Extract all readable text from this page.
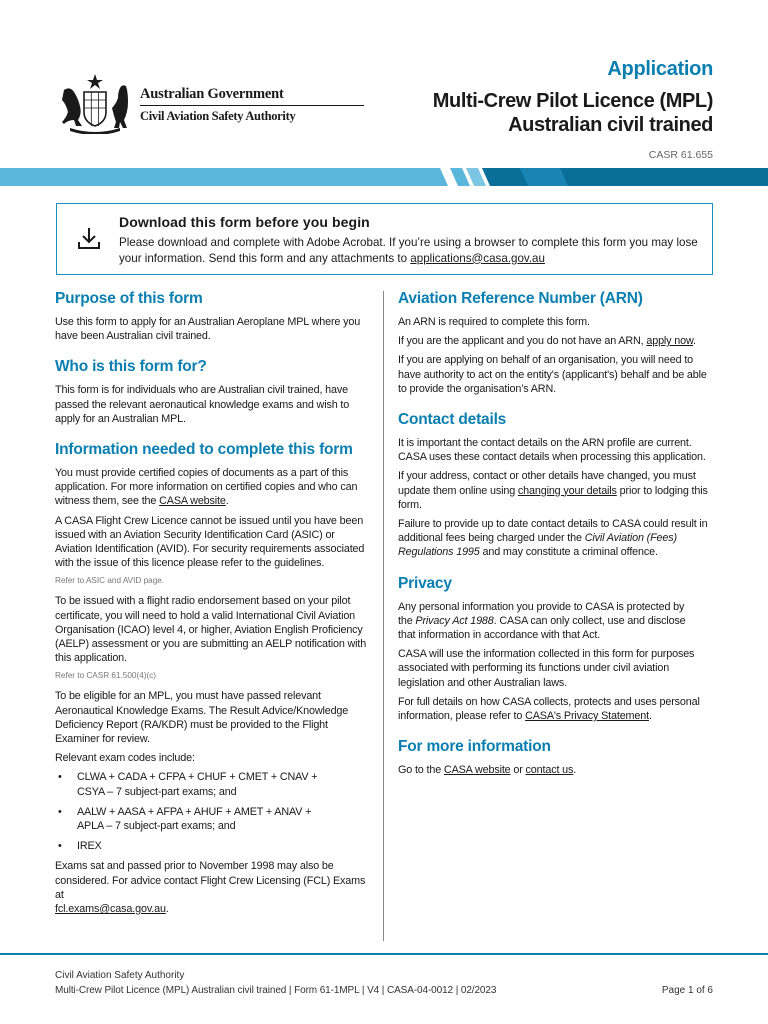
Australian Government
Civil Aviation Safety Authority
Application
Multi-Crew Pilot Licence (MPL)
Australian civil trained
CASR 61.655
Download this form before you begin
Please download and complete with Adobe Acrobat. If you’re using a browser to complete this form you may lose your information. Send this form and any attachments to applications@casa.gov.au
Purpose of this form

Use this form to apply for an Australian Aeroplane MPL where you have been Australian civil trained.

Who is this form for?

This form is for individuals who are Australian civil trained, have passed the relevant aeronautical knowledge exams and wish to apply for an Australian MPL.

Information needed to complete this form

You must provide certified copies of documents as a part of this application. For more information on certified copies and who can witness them, see the CASA website.

A CASA Flight Crew Licence cannot be issued until you have been issued with an Aviation Security Identification Card (ASIC) or Aviation Identification (AVID). For security requirements associated with the issue of this licence please refer to the guidelines.

Refer to ASIC and AVID page.

To be issued with a flight radio endorsement based on your pilot certificate, you will need to hold a valid International Civil Aviation Organisation (ICAO) level 4, or higher, Aviation English Proficiency (AELP) assessment or you are submitting an AELP notification with this application.

Refer to CASR 61.500(4)(c)

To be eligible for an MPL, you must have passed relevant Aeronautical Knowledge Exams. The Result Advice/Knowledge Deficiency Report (RA/KDR) must be provided to the Flight Examiner for review.

Relevant exam codes include:

• CLWA + CADA + CFPA + CHUF + CMET + CNAV +
CSYA – 7 subject-part exams; and
• AALW + AASA + AFPA + AHUF + AMET + ANAV +
APLA – 7 subject-part exams; and
• IREX

Exams sat and passed prior to November 1998 may also be considered. For advice contact Flight Crew Licensing (FCL) Exams at
fcl.exams@casa.gov.au.

Aviation Reference Number (ARN)

An ARN is required to complete this form.

If you are the applicant and you do not have an ARN, apply now.

If you are applying on behalf of an organisation, you will need to have authority to act on the entity's (applicant's) behalf and be able to provide the organisation’s ARN.

Contact details

It is important the contact details on the ARN profile are current. CASA uses these contact details when processing this application.

If your address, contact or other details have changed, you must update them online using changing your details prior to lodging this form.

Failure to provide up to date contact details to CASA could result in additional fees being charged under the Civil Aviation (Fees) Regulations 1995 and may constitute a criminal offence.

Privacy

Any personal information you provide to CASA is protected by
the Privacy Act 1988. CASA can only collect, use and disclose
that information in accordance with that Act.

CASA will use the information collected in this form for purposes associated with performing its functions under civil aviation legislation and other Australian laws.

For full details on how CASA collects, protects and uses personal information, please refer to CASA's Privacy Statement.

For more information

Go to the CASA website or contact us.

Civil Aviation Safety Authority
Multi-Crew Pilot Licence (MPL) Australian civil trained | Form 61-1MPL | V4 | CASA-04-0012 | 02/2023	Page 1 of 6
